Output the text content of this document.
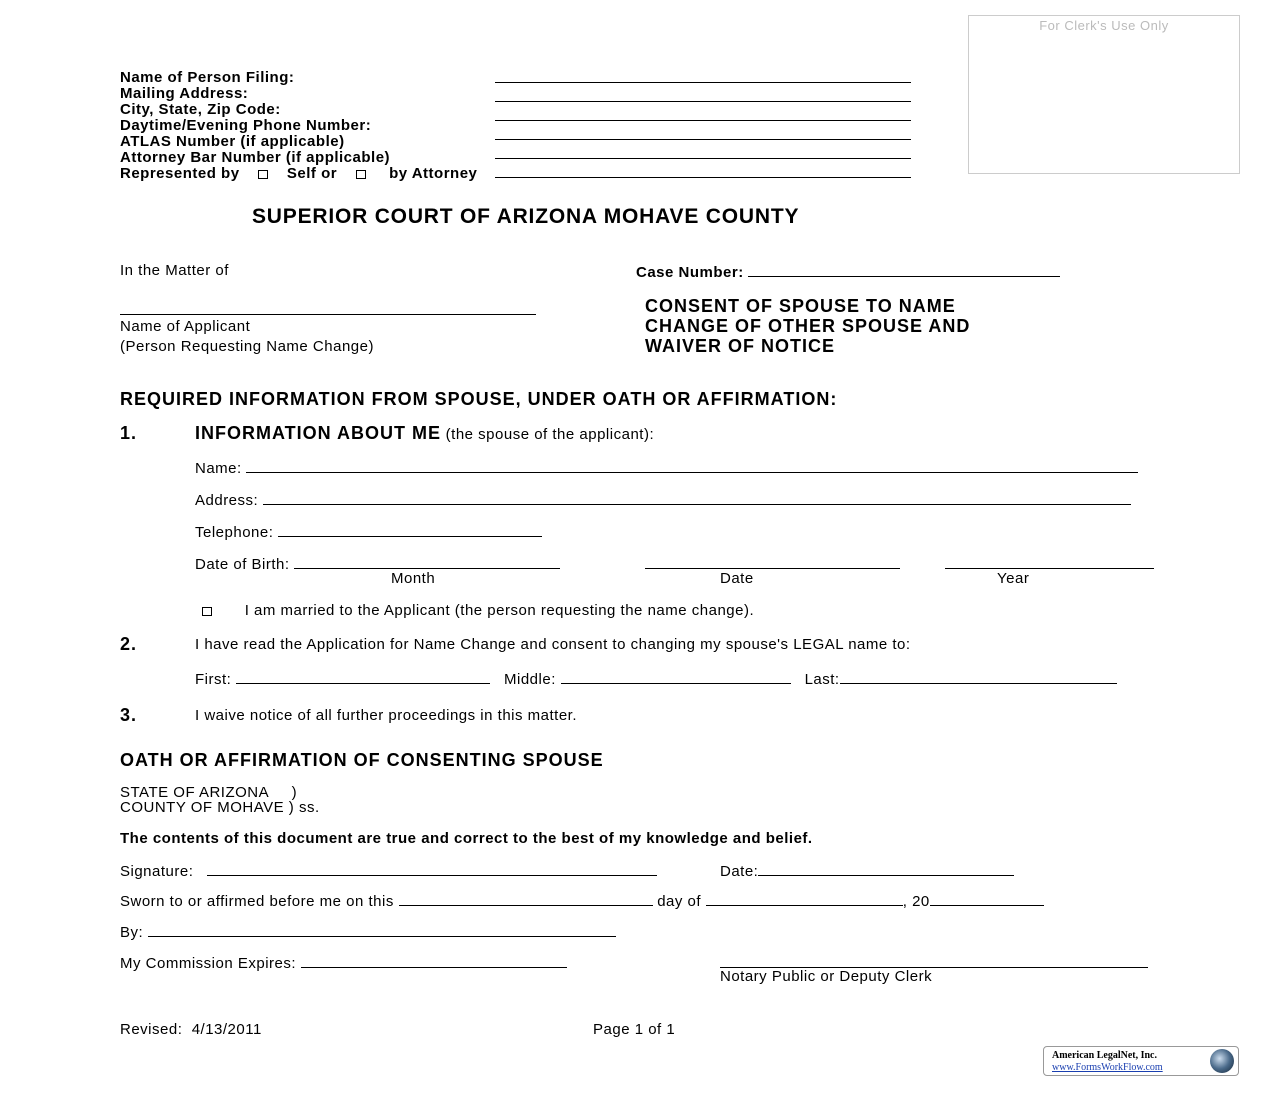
For Clerk's Use Only
Name of Person Filing:
Mailing Address:
City, State, Zip Code:
Daytime/Evening Phone Number:
ATLAS Number (if applicable)
Attorney Bar Number (if applicable)
Represented by	Self or	by Attorney
SUPERIOR COURT OF ARIZONA MOHAVE COUNTY
In the Matter of	Case Number:
Name of Applicant
(Person Requesting Name Change)
CONSENT OF SPOUSE TO NAME
CHANGE OF OTHER SPOUSE AND
WAIVER OF NOTICE
REQUIRED INFORMATION FROM SPOUSE, UNDER OATH OR AFFIRMATION:
1.	INFORMATION ABOUT ME (the spouse of the applicant):
Name:
Address:
Telephone:
Date of Birth:
Month	Date	Year
I am married to the Applicant (the person requesting the name change).
2.	I have read the Application for Name Change and consent to changing my spouse's LEGAL name to:
First:	Middle:	Last:
3.	I waive notice of all further proceedings in this matter.
OATH OR AFFIRMATION OF CONSENTING SPOUSE
STATE OF ARIZONA     )
COUNTY OF MOHAVE ) ss.
The contents of this document are true and correct to the best of my knowledge and belief.
Signature:	Date:
Sworn to or affirmed before me on this	day of	, 20
By:
My Commission Expires:
Notary Public or Deputy Clerk
Revised:  4/13/2011	Page 1 of 1
American LegalNet, Inc.
www.FormsWorkFlow.com
